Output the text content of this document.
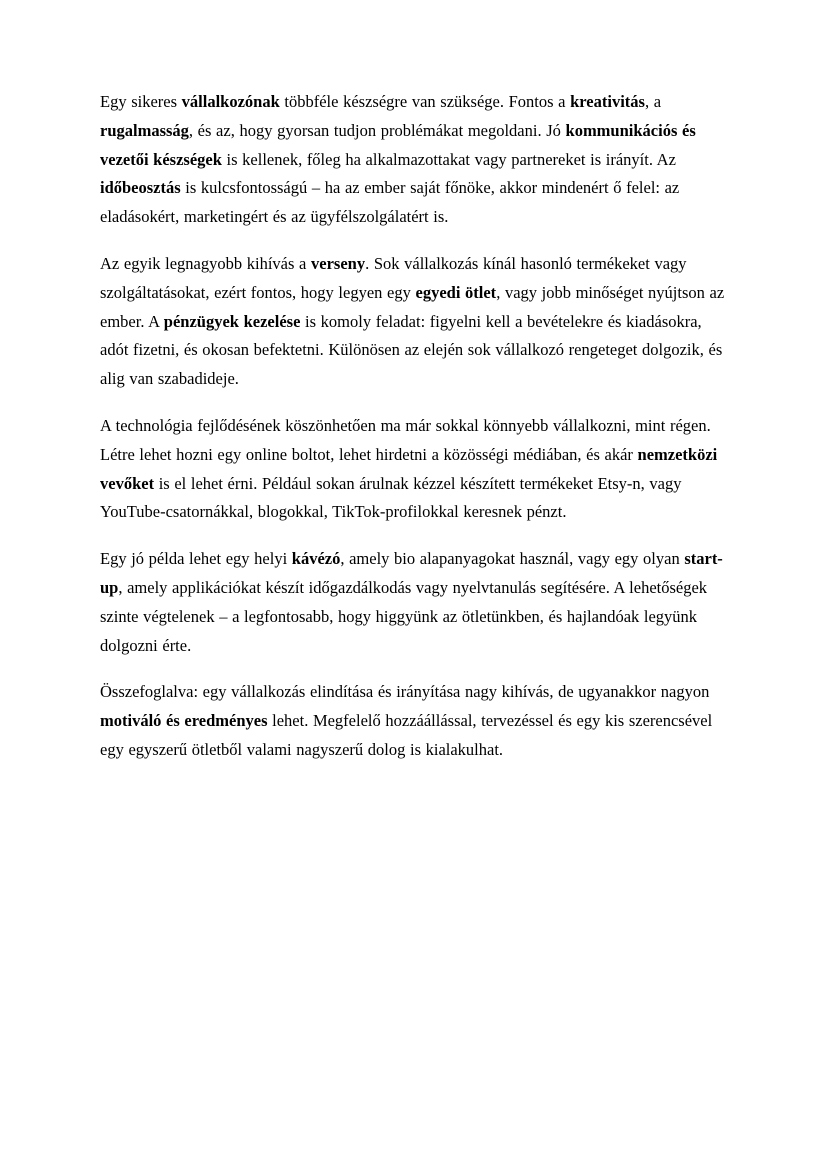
Egy sikeres vállalkozónak többféle készségre van szüksége. Fontos a kreativitás, a rugalmasság, és az, hogy gyorsan tudjon problémákat megoldani. Jó kommunikációs és vezetői készségek is kellenek, főleg ha alkalmazottakat vagy partnereket is irányít. Az időbeosztás is kulcsfontosságú – ha az ember saját főnöke, akkor mindenért ő felel: az eladásokért, marketingért és az ügyfélszolgálatért is.

Az egyik legnagyobb kihívás a verseny. Sok vállalkozás kínál hasonló termékeket vagy szolgáltatásokat, ezért fontos, hogy legyen egy egyedi ötlet, vagy jobb minőséget nyújtson az ember. A pénzügyek kezelése is komoly feladat: figyelni kell a bevételekre és kiadásokra, adót fizetni, és okosan befektetni. Különösen az elején sok vállalkozó rengeteget dolgozik, és alig van szabadideje.

A technológia fejlődésének köszönhetően ma már sokkal könnyebb vállalkozni, mint régen. Létre lehet hozni egy online boltot, lehet hirdetni a közösségi médiában, és akár nemzetközi vevőket is el lehet érni. Például sokan árulnak kézzel készített termékeket Etsy-n, vagy YouTube-csatornákkal, blogokkal, TikTok-profilokkal keresnek pénzt.

Egy jó példa lehet egy helyi kávézó, amely bio alapanyagokat használ, vagy egy olyan start-up, amely applikációkat készít időgazdálkodás vagy nyelvtanulás segítésére. A lehetőségek szinte végtelenek – a legfontosabb, hogy higgyünk az ötletünkben, és hajlandóak legyünk dolgozni érte.

Összefoglalva: egy vállalkozás elindítása és irányítása nagy kihívás, de ugyanakkor nagyon motiváló és eredményes lehet. Megfelelő hozzáállással, tervezéssel és egy kis szerencsével egy egyszerű ötletből valami nagyszerű dolog is kialakulhat.
